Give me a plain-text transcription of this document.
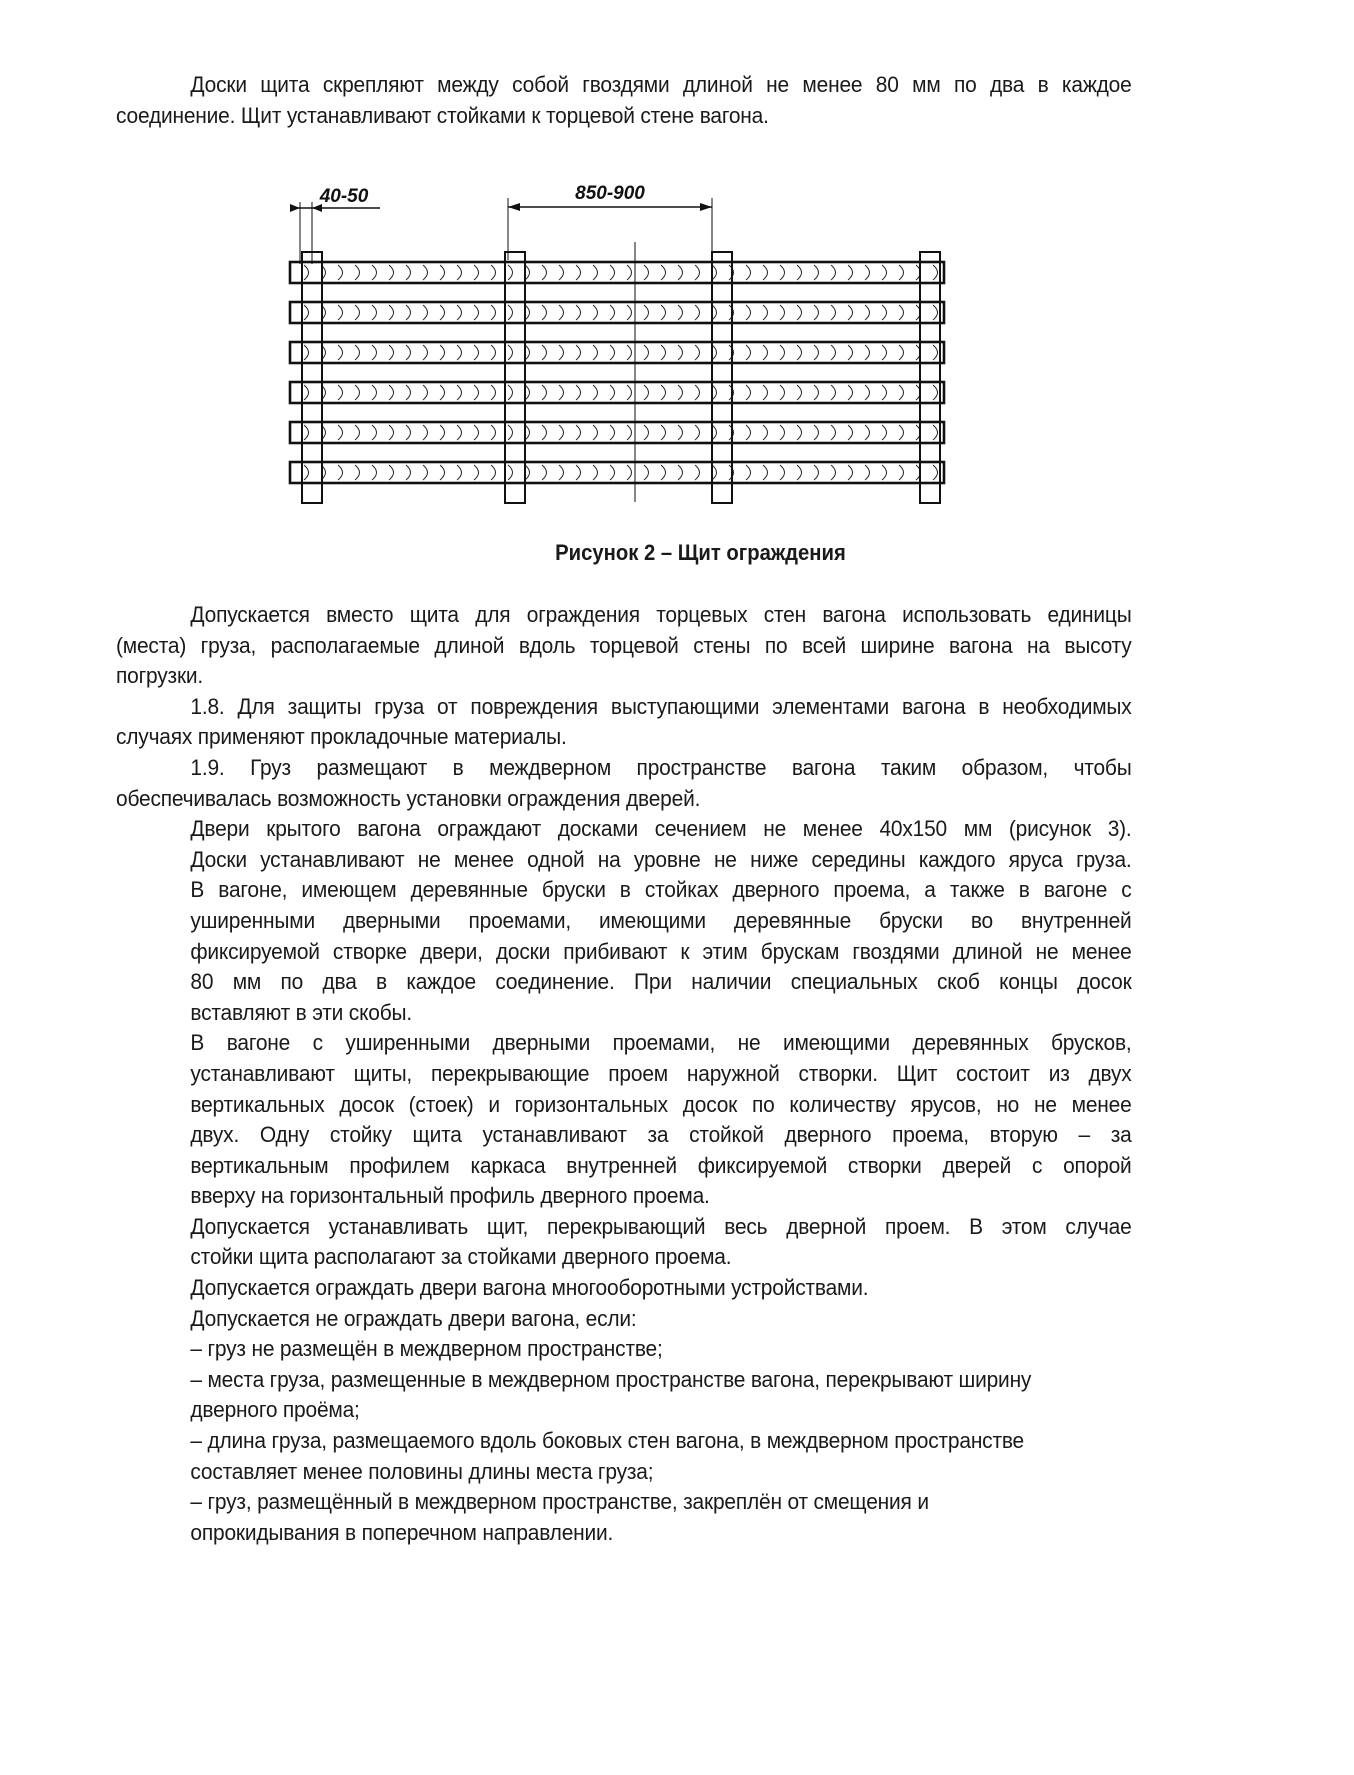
Доски щита скрепляют между собой гвоздями длиной не менее 80 мм по два в каждое
соединение. Щит устанавливают стойками к торцевой стене вагона.
40-50	850-900
Рисунок 2 – Щит ограждения
Допускается вместо щита для ограждения торцевых стен вагона использовать единицы
(места) груза, располагаемые длиной вдоль торцевой стены по всей ширине вагона на высоту
погрузки.
1.8. Для защиты груза от повреждения выступающими элементами вагона в необходимых
случаях применяют прокладочные материалы.
1.9. Груз размещают в междверном пространстве вагона таким образом, чтобы
обеспечивалась возможность установки ограждения дверей.
Двери крытого вагона ограждают досками сечением не менее 40х150 мм (рисунок 3).
Доски устанавливают не менее одной на уровне не ниже середины каждого яруса груза.
В вагоне, имеющем деревянные бруски в стойках дверного проема, а также в вагоне с
уширенными дверными проемами, имеющими деревянные бруски во внутренней
фиксируемой створке двери, доски прибивают к этим брускам гвоздями длиной не менее
80 мм по два в каждое соединение. При наличии специальных скоб концы досок
вставляют в эти скобы.
В вагоне с уширенными дверными проемами, не имеющими деревянных брусков,
устанавливают щиты, перекрывающие проем наружной створки. Щит состоит из двух
вертикальных досок (стоек) и горизонтальных досок по количеству ярусов, но не менее
двух. Одну стойку щита устанавливают за стойкой дверного проема, вторую – за
вертикальным профилем каркаса внутренней фиксируемой створки дверей с опорой
вверху на горизонтальный профиль дверного проема.
Допускается устанавливать щит, перекрывающий весь дверной проем. В этом случае
стойки щита располагают за стойками дверного проема.
Допускается ограждать двери вагона многооборотными устройствами.
Допускается не ограждать двери вагона, если:
– груз не размещён в междверном пространстве;
– места груза, размещенные в междверном пространстве вагона, перекрывают ширину
дверного проёма;
– длина груза, размещаемого вдоль боковых стен вагона, в междверном пространстве
составляет менее половины длины места груза;
– груз, размещённый в междверном пространстве, закреплён от смещения и
опрокидывания в поперечном направлении.
